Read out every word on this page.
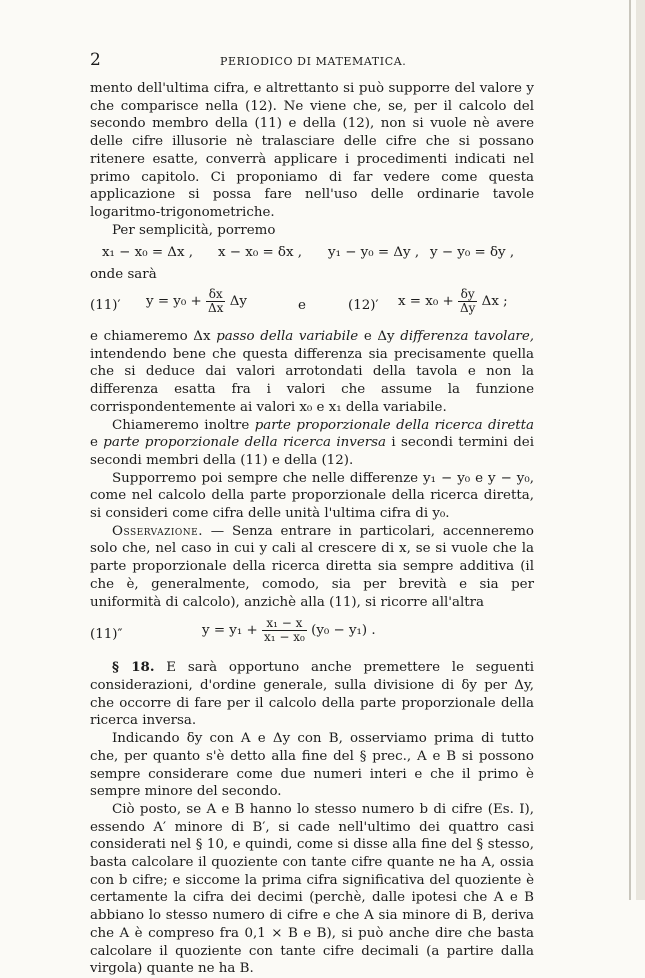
2	PERIODICO DI MATEMATICA.

mento dell'ultima cifra, e altrettanto si può supporre del valore y che comparisce nella (12). Ne viene che, se, per il calcolo del secondo membro della (11) e della (12), non si vuole nè avere delle cifre illusorie nè tralasciare delle cifre che si possano ritenere esatte, converrà applicare i procedimenti indicati nel primo capitolo. Ci proponiamo di far vedere come questa applicazione si possa fare nell'uso delle ordinarie tavole logaritmo-trigonometriche.

Per semplicità, porremo

x₁ − x₀ = Δx , x − x₀ = δx , y₁ − y₀ = Δy , y − y₀ = δy ,

onde sarà

(11)′ $y = y_0 + \frac{\delta x}{\Delta x}$ Δy	e	(12)′ $x = x_0 + \frac{\delta y}{\Delta y}$ Δx ;

e chiameremo Δx passo della variabile e Δy differenza tavolare, intendendo bene che questa differenza sia precisamente quella che si deduce dai valori arrotondati della tavola e non la differenza esatta fra i valori che assume la funzione corrispondentemente ai valori x₀ e x₁ della variabile.

Chiameremo inoltre parte proporzionale della ricerca diretta e parte proporzionale della ricerca inversa i secondi termini dei secondi membri della (11) e della (12).

Supporremo poi sempre che nelle differenze y₁ − y₀ e y − y₀, come nel calcolo della parte proporzionale della ricerca diretta, si consideri come cifra delle unità l'ultima cifra di y₀.

Osservazione. — Senza entrare in particolari, accenneremo solo che, nel caso in cui y cali al crescere di x, se si vuole che la parte proporzionale della ricerca diretta sia sempre additiva (il che è, generalmente, comodo, sia per brevità e sia per uniformità di calcolo), anzichè alla (11), si ricorre all'altra

(11)″	$y = y_1 + \frac{\text{x₁ − x}}{\text{x₁ − x₀}} (y_0 - y_1)$ .

§ 18. E sarà opportuno anche premettere le seguenti considerazioni, d'ordine generale, sulla divisione di δy per Δy, che occorre di fare per il calcolo della parte proporzionale della ricerca inversa.

Indicando δy con A e Δy con B, osserviamo prima di tutto che, per quanto s'è detto alla fine del § prec., A e B si possono sempre considerare come due numeri interi e che il primo è sempre minore del secondo.

Ciò posto, se A e B hanno lo stesso numero b di cifre (Es. I), essendo A′ minore di B′, si cade nell'ultimo dei quattro casi considerati nel § 10, e quindi, come si disse alla fine del § stesso, basta calcolare il quoziente con tante cifre quante ne ha A, ossia con b cifre; e siccome la prima cifra significativa del quoziente è certamente la cifra dei decimi (perchè, dalle ipotesi che A e B abbiano lo stesso numero di cifre e che A sia minore di B, deriva che A è compreso fra 0,1 × B e B), si può anche dire che basta calcolare il quoziente con tante cifre decimali (a partire dalla virgola) quante ne ha B.
